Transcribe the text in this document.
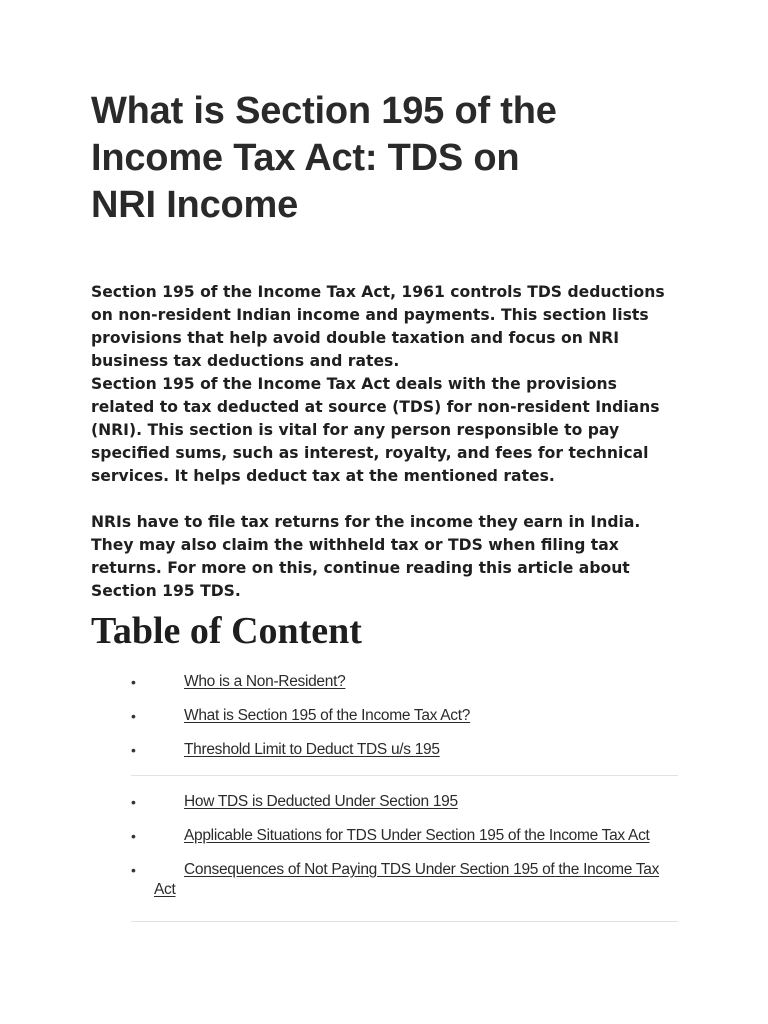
What is Section 195 of the
Income Tax Act: TDS on
NRI Income

Section 195 of the Income Tax Act, 1961 controls TDS deductions on non-resident Indian income and payments. This section lists provisions that help avoid double taxation and focus on NRI business tax deductions and rates.

Section 195 of the Income Tax Act deals with the provisions related to tax deducted at source (TDS) for non-resident Indians (NRI). This section is vital for any person responsible to pay specified sums, such as interest, royalty, and fees for technical services. It helps deduct tax at the mentioned rates.

NRIs have to file tax returns for the income they earn in India. They may also claim the withheld tax or TDS when filing tax returns. For more on this, continue reading this article about Section 195 TDS.

Table of Content
•	Who is a Non-Resident?
•	What is Section 195 of the Income Tax Act?
•	Threshold Limit to Deduct TDS u/s 195
•	How TDS is Deducted Under Section 195
•	Applicable Situations for TDS Under Section 195 of the Income Tax Act
•	Consequences of Not Paying TDS Under Section 195 of the Income Tax Act
